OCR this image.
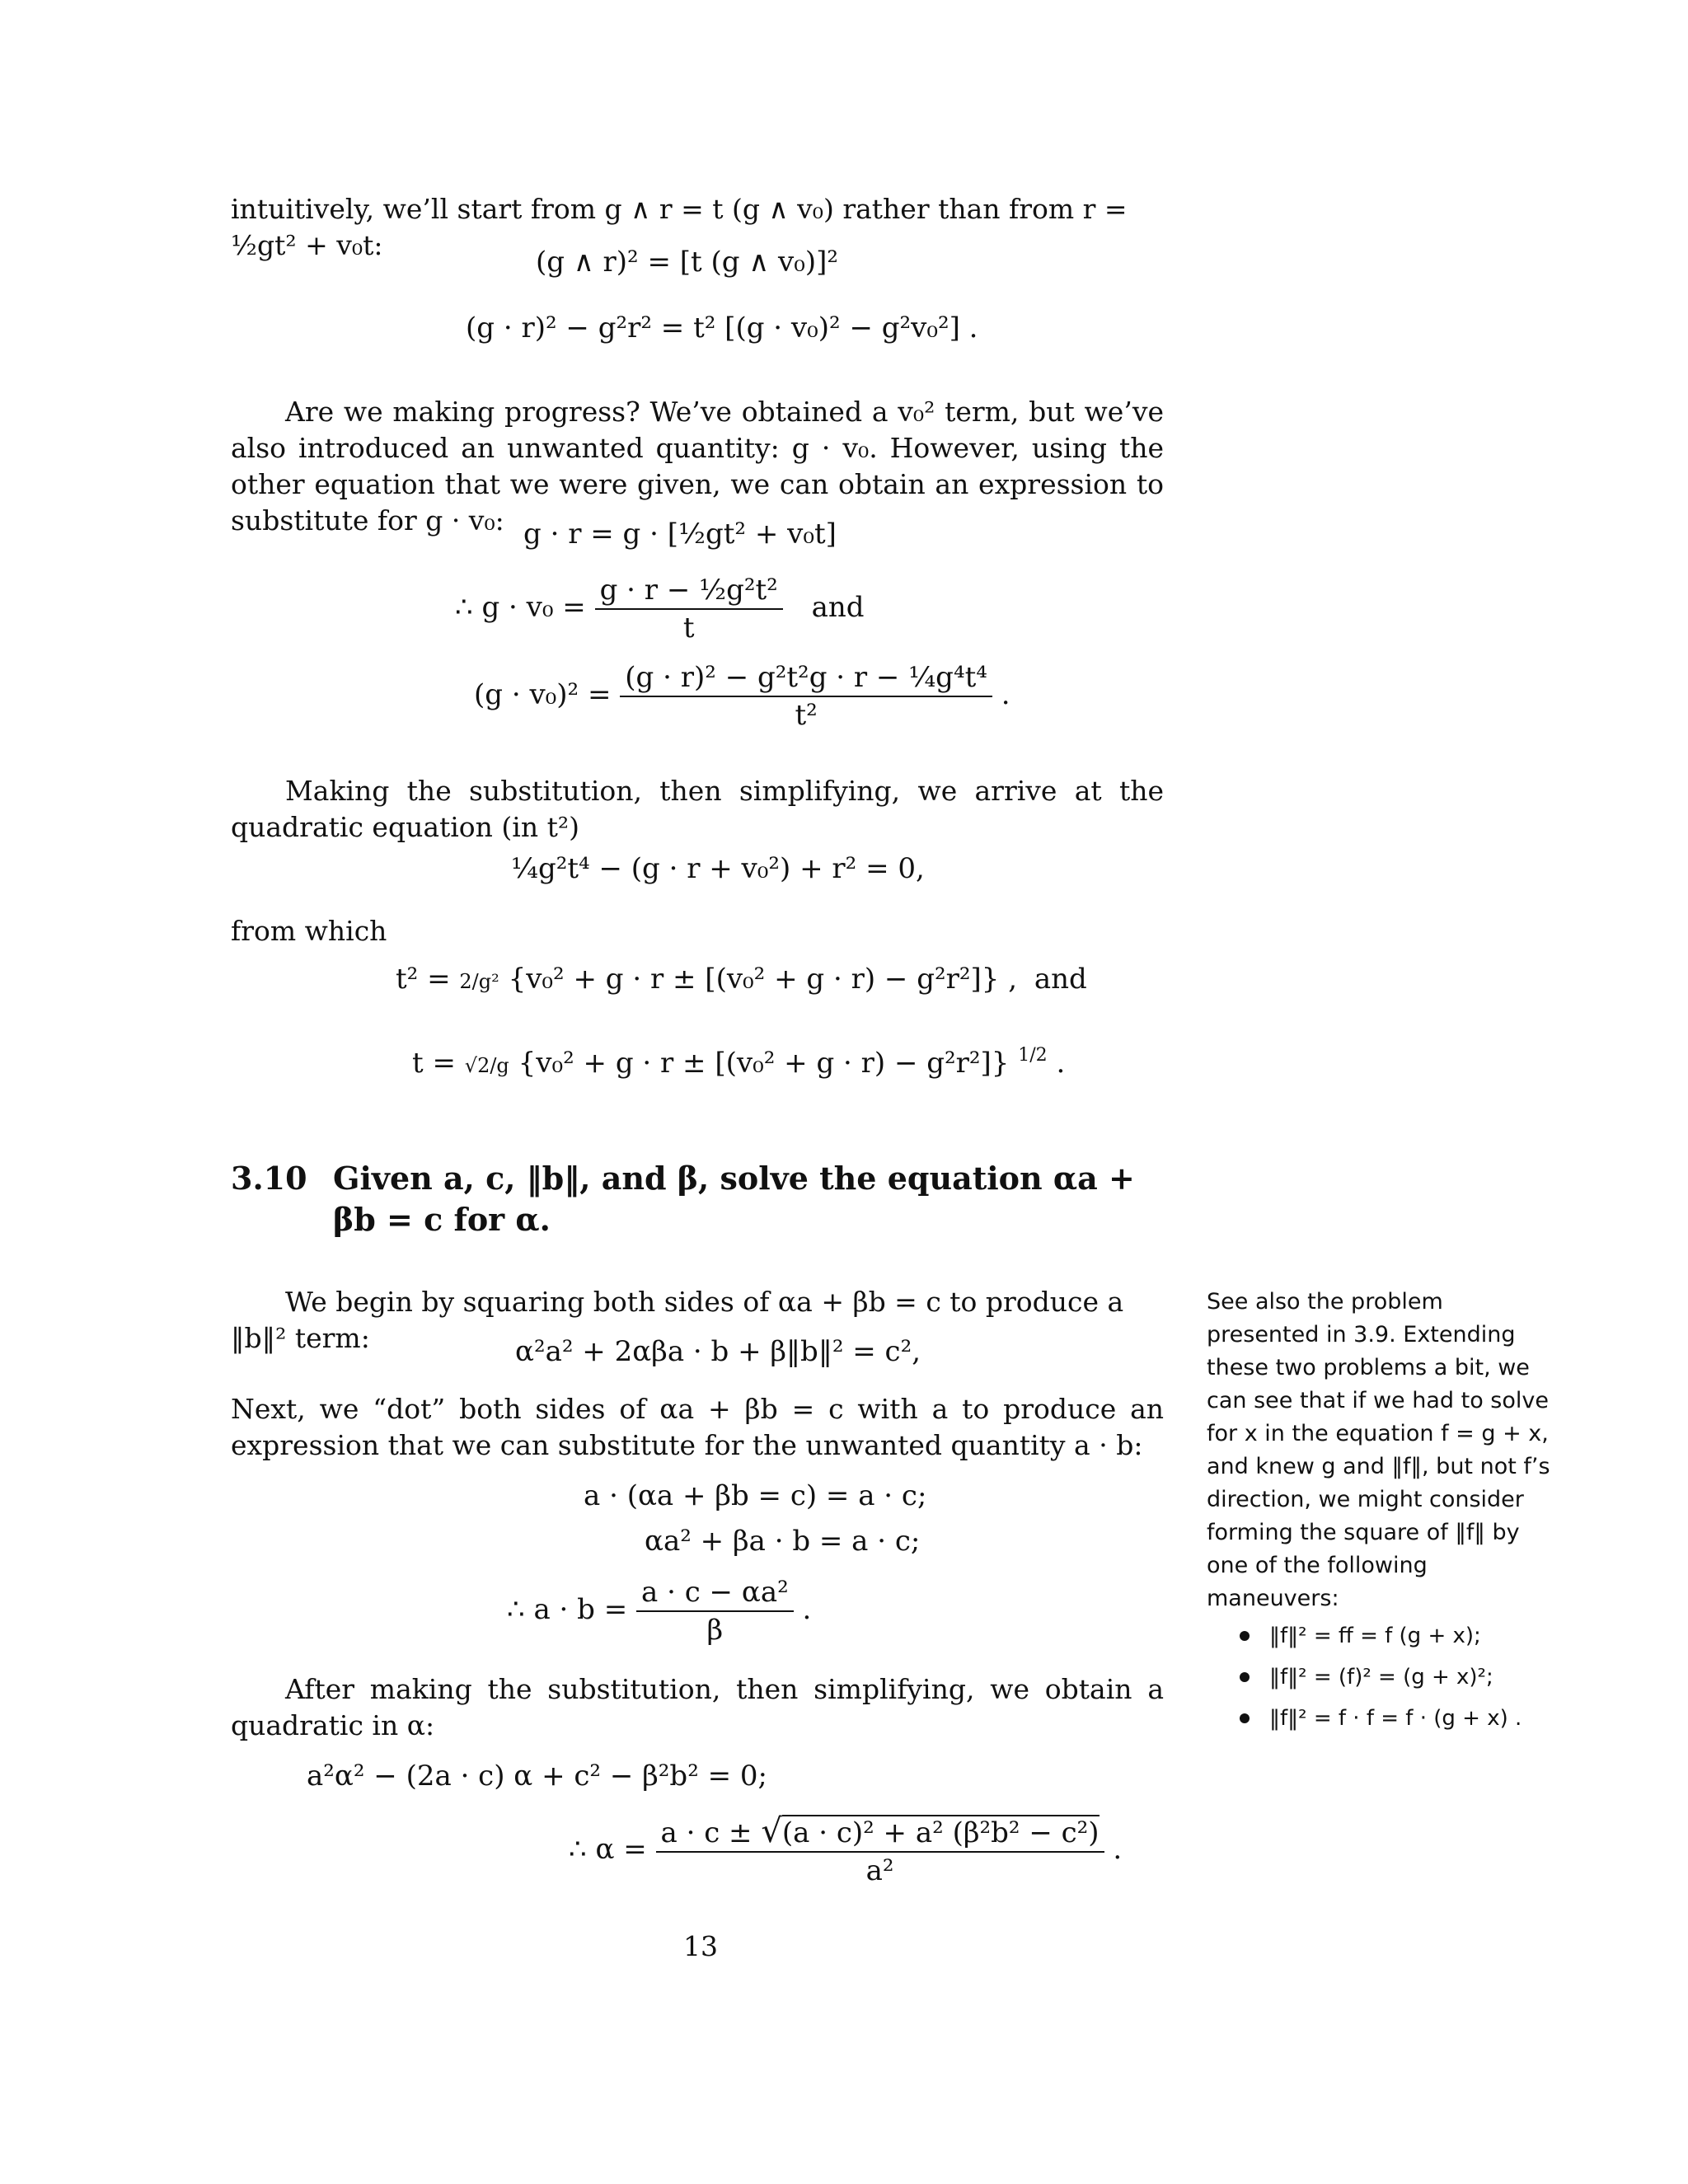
intuitively, we’ll start from g ∧ r = t (g ∧ v₀) rather than from r = ½gt² + v₀t:
(g ∧ r)² = [t (g ∧ v₀)]²
(g · r)² − g²r² = t² [(g · v₀)² − g²v₀²] .
Are we making progress? We’ve obtained a v₀² term, but we’ve also introduced an unwanted quantity: g · v₀. However, using the other equation that we were given, we can obtain an expression to substitute for g · v₀: g · r = g · [½gt² + v₀t]
∴ $g \cdot v_0 = \frac{\text{g · r − ½g²t²}}{t}$ and
$(g \cdot v_0)^2 = \frac{\text{(g · r)² − g²t²g · r − ¼g⁴t⁴}}{\text{t²}}$ .
Making the substitution, then simplifying, we arrive at the quadratic equation (in t²)
¼g²t⁴ − (g · r + v₀²) + r² = 0,
from which
t² = 2/g² {v₀² + g · r ± [(v₀² + g · r) − g²r²]} , and
t = √2/g {v₀² + g · r ± [(v₀² + g · r) − g²r²]} $^{1/2}$ .
3.10 Given a, c, ‖b‖, and β, solve the equation αa + βb = c for α.
We begin by squaring both sides of αa + βb = c to produce a ‖b‖² term:	α²a² + 2αβa · b + β‖b‖² = c²,
Next, we “dot” both sides of αa + βb = c with a to produce an expression that we can substitute for the unwanted quantity a · b:
a · (αa + βb = c) = a · c;
αa² + βa · b = a · c;
∴ $a \cdot b = \frac{\text{a · c − αa²}}{\beta}$ .
After making the substitution, then simplifying, we obtain a quadratic in α:
a²α² − (2a · c) α + c² − β²b² = 0;
∴ $\alpha = \frac{\text{a · c ± √(a · c)² + a² (β²b² − c²)}}{\text{a²}}$ .
See also the problem presented in 3.9. Extending these two problems a bit, we can see that if we had to solve for x in the equation f = g + x, and knew g and ‖f‖, but not f’s direction, we might consider forming the square of ‖f‖ by one of the following maneuvers:
‖f‖² = ff = f (g + x);
‖f‖² = (f)² = (g + x)²;
‖f‖² = f · f = f · (g + x) .
13
